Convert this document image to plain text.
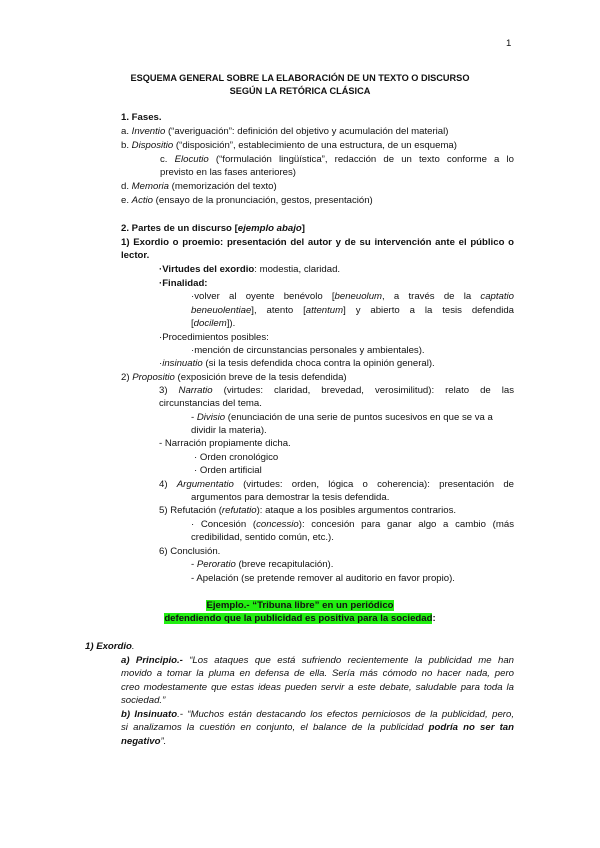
1
ESQUEMA GENERAL SOBRE LA ELABORACIÓN DE UN TEXTO O DISCURSO
SEGÚN LA RETÓRICA CLÁSICA
1. Fases.
a. Inventio (“averiguación”: definición del objetivo y acumulación del material)
b. Dispositio (“disposición”, establecimiento de una estructura, de un esquema)
c. Elocutio (“formulación lingüística”, redacción de un texto conforme a lo
previsto en las fases anteriores)
d. Memoria (memorización del texto)
e. Actio (ensayo de la pronunciación, gestos, presentación)
2. Partes de un discurso [ejemplo abajo]
1) Exordio o proemio: presentación del autor y de su intervención ante el público o
lector.
·Virtudes del exordio: modestia, claridad.
·Finalidad:
·volver al oyente benévolo [beneuolum, a través de la captatio
beneuolentiae], atento [attentum] y abierto a la tesis defendida
[docilem]).
·Procedimientos posibles:
·mención de circunstancias personales y ambientales).
·insinuatio (si la tesis defendida choca contra la opinión general).
2) Propositio (exposición breve de la tesis defendida)
3) Narratio (virtudes: claridad, brevedad, verosimilitud): relato de las
circunstancias del tema.
- Divisio (enunciación de una serie de puntos sucesivos en que se va a
dividir la materia).
- Narración propiamente dicha.
· Orden cronológico
· Orden artificial
4) Argumentatio (virtudes: orden, lógica o coherencia): presentación de
argumentos para demostrar la tesis defendida.
5) Refutación (refutatio): ataque a los posibles argumentos contrarios.
· Concesión (concessio): concesión para ganar algo a cambio (más
credibilidad, sentido común, etc.).
6) Conclusión.
- Peroratio (breve recapitulación).
- Apelación (se pretende remover al auditorio en favor propio).
Ejemplo.- “Tribuna libre” en un periódico
defendiendo que la publicidad es positiva para la sociedad:
1) Exordio.
a) Principio.- “Los ataques que está sufriendo recientemente la publicidad me han
movido a tomar la pluma en defensa de ella. Sería más cómodo no hacer nada, pero
creo modestamente que estas ideas pueden servir a este debate, saludable para toda la
sociedad.”
b) Insinuato.- “Muchos están destacando los efectos perniciosos de la publicidad, pero,
si analizamos la cuestión en conjunto, el balance de la publicidad podría no ser tan
negativo”.
